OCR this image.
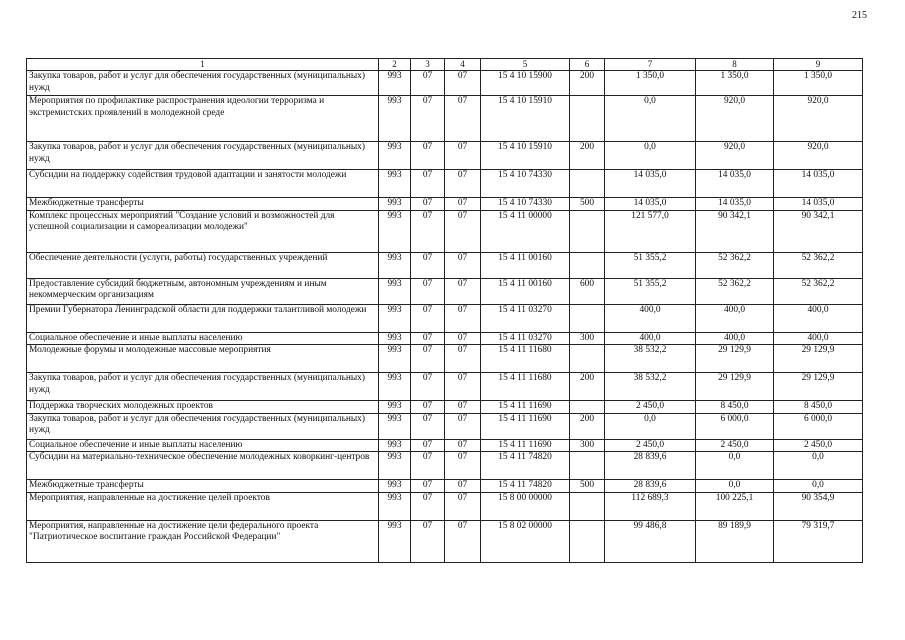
215
1	2	3	4	5	6	7	8	9
Закупка товаров, работ и услуг для обеспечения государственных (муниципальных) нужд	993	07	07	15 4 10 15900	200	1 350,0	1 350,0	1 350,0
Мероприятия по профилактике распространения идеологии терроризма и экстремистских проявлений в молодежной среде	993	07	07	15 4 10 15910		0,0	920,0	920,0
Закупка товаров, работ и услуг для обеспечения государственных (муниципальных) нужд	993	07	07	15 4 10 15910	200	0,0	920,0	920,0
Субсидии на поддержку содействия трудовой адаптации и занятости молодежи	993	07	07	15 4 10 74330		14 035,0	14 035,0	14 035,0
Межбюджетные трансферты	993	07	07	15 4 10 74330	500	14 035,0	14 035,0	14 035,0
Комплекс процессных мероприятий "Создание условий и возможностей для успешной социализации и самореализации молодежи"	993	07	07	15 4 11 00000		121 577,0	90 342,1	90 342,1
Обеспечение деятельности (услуги, работы) государственных учреждений	993	07	07	15 4 11 00160		51 355,2	52 362,2	52 362,2
Предоставление субсидий бюджетным, автономным учреждениям и иным некоммерческим организациям	993	07	07	15 4 11 00160	600	51 355,2	52 362,2	52 362,2
Премии Губернатора Ленинградской области для поддержки талантливой молодежи	993	07	07	15 4 11 03270		400,0	400,0	400,0
Социальное обеспечение и иные выплаты населению	993	07	07	15 4 11 03270	300	400,0	400,0	400,0
Молодежные форумы и молодежные массовые мероприятия	993	07	07	15 4 11 11680		38 532,2	29 129,9	29 129,9
Закупка товаров, работ и услуг для обеспечения государственных (муниципальных) нужд	993	07	07	15 4 11 11680	200	38 532,2	29 129,9	29 129,9
Поддержка творческих молодежных проектов	993	07	07	15 4 11 11690		2 450,0	8 450,0	8 450,0
Закупка товаров, работ и услуг для обеспечения государственных (муниципальных) нужд	993	07	07	15 4 11 11690	200	0,0	6 000,0	6 000,0
Социальное обеспечение и иные выплаты населению	993	07	07	15 4 11 11690	300	2 450,0	2 450,0	2 450,0
Субсидии на материально-техническое обеспечение молодежных коворкинг-центров	993	07	07	15 4 11 74820		28 839,6	0,0	0,0
Межбюджетные трансферты	993	07	07	15 4 11 74820	500	28 839,6	0,0	0,0
Мероприятия, направленные на достижение целей проектов	993	07	07	15 8 00 00000		112 689,3	100 225,1	90 354,9
Мероприятия, направленные на достижение цели федерального проекта "Патриотическое воспитание граждан Российской Федерации"	993	07	07	15 8 02 00000		99 486,8	89 189,9	79 319,7
